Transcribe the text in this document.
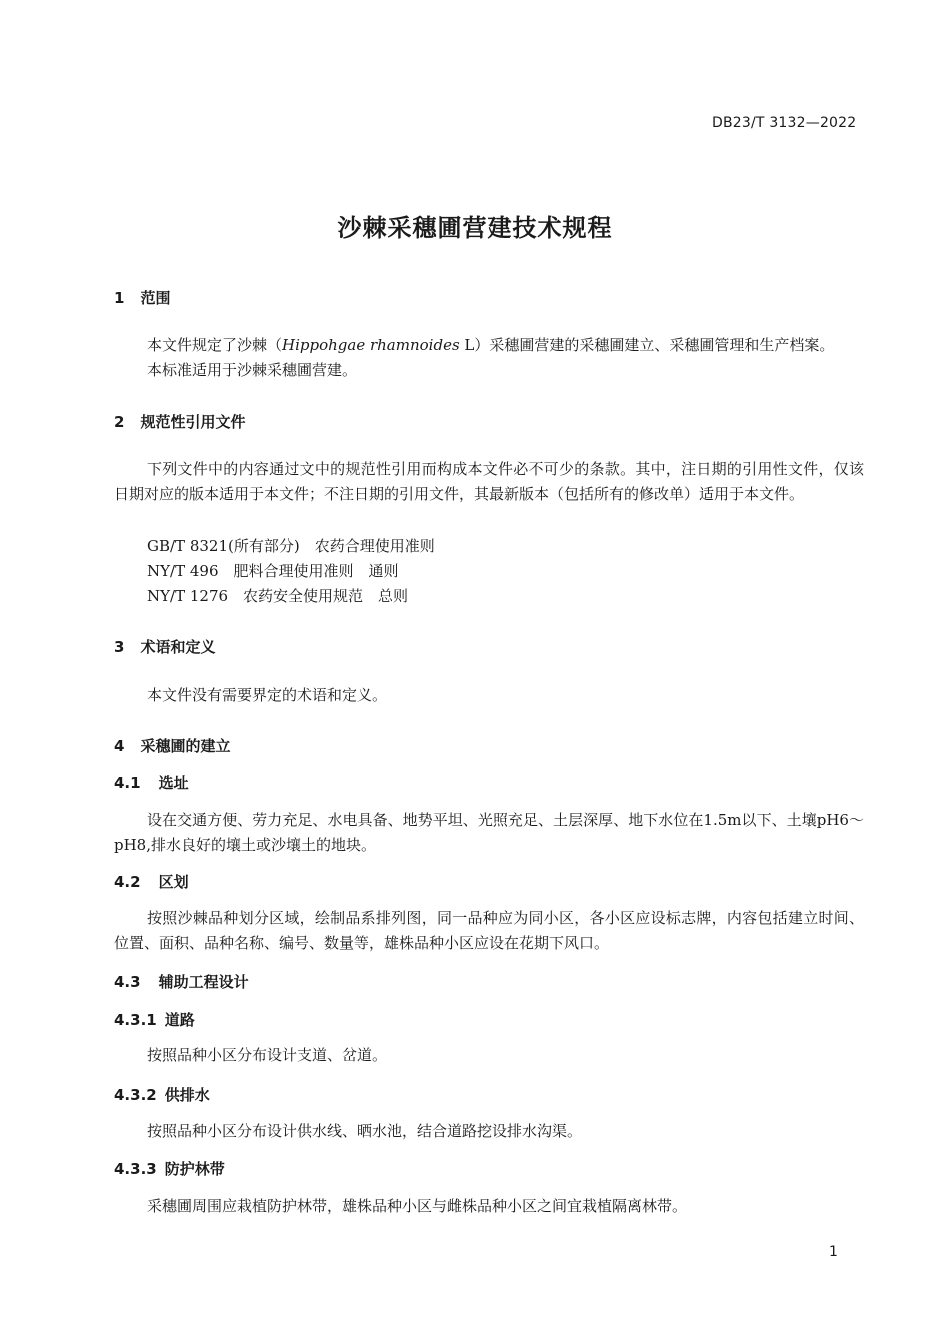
DB23/T 3132—2022
沙棘采穗圃营建技术规程
1 范围
本文件规定了沙棘（Hippohgae rhamnoides L）采穗圃营建的采穗圃建立、采穗圃管理和生产档案。
本标准适用于沙棘采穗圃营建。
2 规范性引用文件
下列文件中的内容通过文中的规范性引用而构成本文件必不可少的条款。其中，注日期的引用性文件，仅该日期对应的版本适用于本文件；不注日期的引用文件，其最新版本（包括所有的修改单）适用于本文件。
GB/T 8321(所有部分)　农药合理使用准则
NY/T 496　肥料合理使用准则　通则
NY/T 1276　农药安全使用规范　总则
3 术语和定义
本文件没有需要界定的术语和定义。
4 采穗圃的建立
4.1 选址
设在交通方便、劳力充足、水电具备、地势平坦、光照充足、土层深厚、地下水位在1.5m以下、土壤pH6～pH8,排水良好的壤土或沙壤土的地块。
4.2 区划
按照沙棘品种划分区域，绘制品系排列图，同一品种应为同小区，各小区应设标志牌，内容包括建立时间、位置、面积、品种名称、编号、数量等，雄株品种小区应设在花期下风口。
4.3 辅助工程设计
4.3.1 道路
按照品种小区分布设计支道、岔道。
4.3.2 供排水
按照品种小区分布设计供水线、晒水池，结合道路挖设排水沟渠。
4.3.3 防护林带
采穗圃周围应栽植防护林带，雄株品种小区与雌株品种小区之间宜栽植隔离林带。
1
